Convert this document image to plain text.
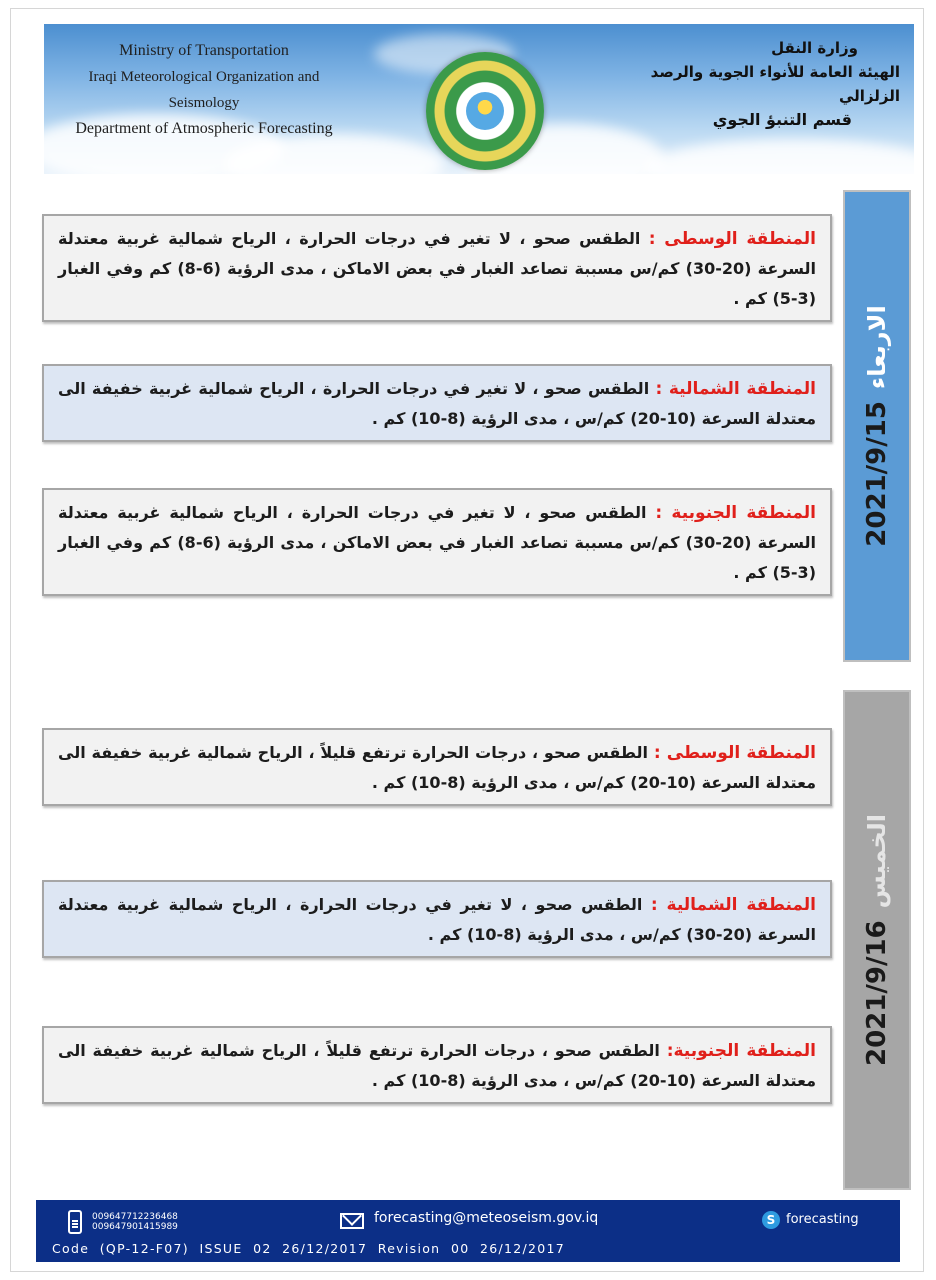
Ministry of Transportation
Iraqi Meteorological Organization and Seismology
Department of Atmospheric Forecasting
وزارة النقل
الهيئة العامة للأنواء الجوية والرصد الزلزالي
قسم التنبؤ الجوي
2021/9/15
الاربعاء

المنطقة الوسطى : الطقس صحو ، لا تغير في درجات الحرارة ، الرياح شمالية غربية معتدلة السرعة (20-30) كم/س مسببة تصاعد الغبار في بعض الاماكن ، مدى الرؤية (6-8) كم وفي الغبار (3-5) كم .

المنطقة الشمالية : الطقس صحو ، لا تغير في درجات الحرارة ، الرياح شمالية غربية خفيفة الى معتدلة السرعة (10-20) كم/س ، مدى الرؤية (8-10) كم .

المنطقة الجنوبية : الطقس صحو ، لا تغير في درجات الحرارة ، الرياح شمالية غربية معتدلة السرعة (20-30) كم/س مسببة تصاعد الغبار في بعض الاماكن ، مدى الرؤية (6-8) كم وفي الغبار (3-5) كم .

2021/9/16
الخميس

المنطقة الوسطى : الطقس صحو ، درجات الحرارة ترتفع قليلاً ، الرياح شمالية غربية خفيفة الى معتدلة السرعة (10-20) كم/س ، مدى الرؤية (8-10) كم .

المنطقة الشمالية : الطقس صحو ، لا تغير في درجات الحرارة ، الرياح شمالية غربية معتدلة السرعة (20-30) كم/س ، مدى الرؤية (8-10) كم .

المنطقة الجنوبية: الطقس صحو ، درجات الحرارة ترتفع قليلاً ، الرياح شمالية غربية خفيفة الى معتدلة السرعة (10-20) كم/س ، مدى الرؤية (8-10) كم .

009647712236468
009647901415989
forecasting@meteoseism.gov.iq	S forecasting
Code  (QP-12-F07)  ISSUE  02  26/12/2017  Revision  00  26/12/2017
